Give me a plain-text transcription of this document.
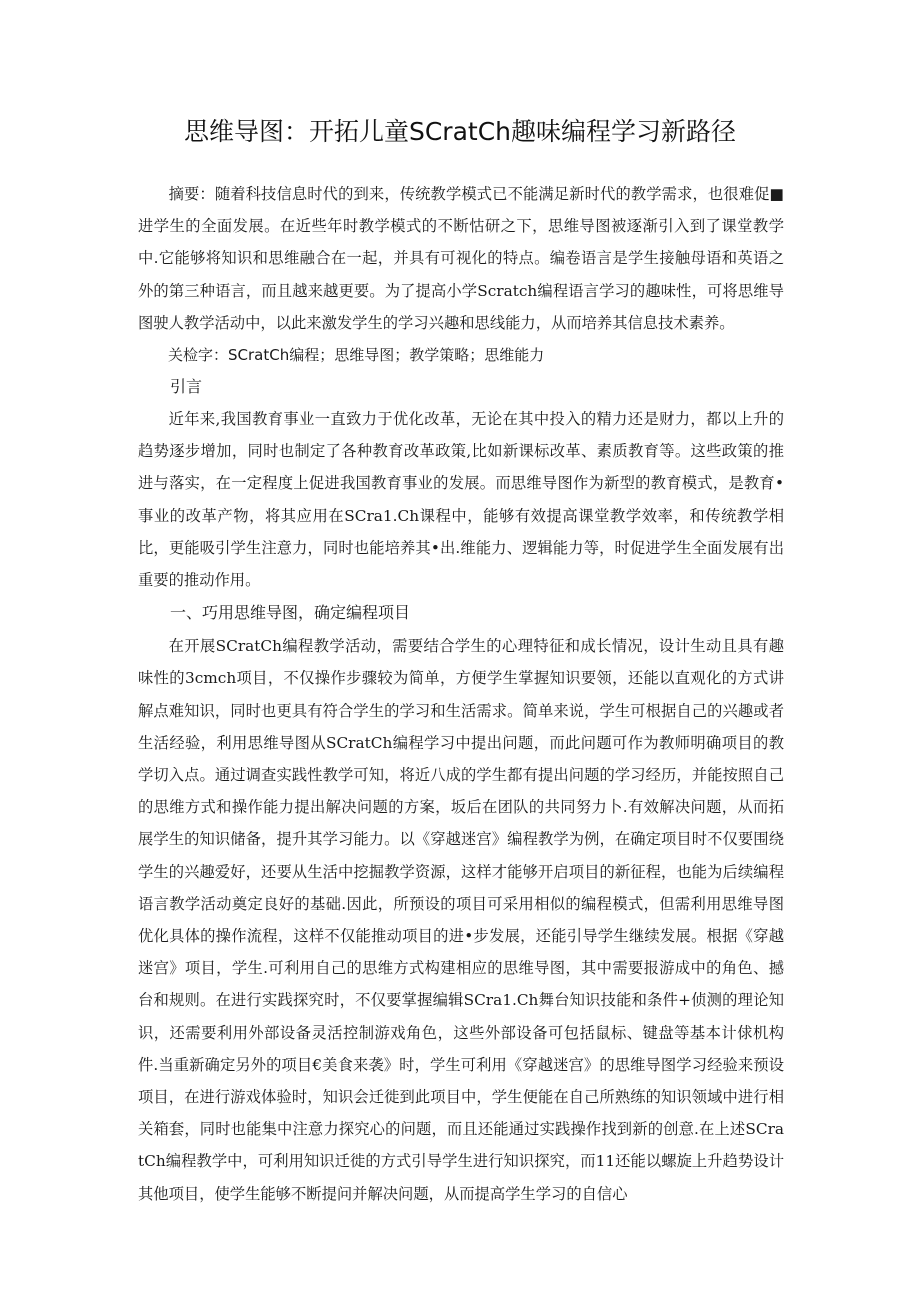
思维导图：开拓儿童SCratCh趣味编程学习新路径

摘要：随着科技信息时代的到来，传统教学模式已不能满足新时代的教学需求，也很难促■进学生的全面发展。在近些年时教学模式的不断怙研之下，思维导图被逐渐引入到了课堂教学中.它能够将知识和思维融合在一起，并具有可视化的特点。编卷语言是学生接触母语和英语之外的第三种语言，而且越来越更要。为了提高小学Scratch编程语言学习的趣味性，可将思维导图驶人教学活动中，以此来激发学生的学习兴趣和思线能力，从而培养其信息技术素养。

关检字：SCratCh编程；思维导图；教学策略；思维能力

引言

近年来,我国教育事业一直致力于优化改革，无论在其中投入的精力还是财力，都以上升的趋势逐步增加，同时也制定了各种教育改革政策,比如新课标改革、素质教育等。这些政策的推进与落实，在一定程度上促进我国教育事业的发展。而思维导图作为新型的教育模式，是教育•事业的改革产物，将其应用在SCra1.Ch课程中，能够有效提高课堂教学效率，和传统教学相比，更能吸引学生注意力，同时也能培养其•出.维能力、逻辑能力等，时促进学生全面发展有岀重要的推动作用。

一、巧用思维导图，确定编程项目

在开展SCratCh编程教学活动，需要结合学生的心理特征和成长情况，设计生动且具有趣味性的3cmch项目，不仅操作步骤较为简单，方便学生掌握知识要领，还能以直观化的方式讲解点难知识，同时也更具有符合学生的学习和生活需求。简单来说，学生可根据自己的兴趣或者生活经验，利用思维导图从SCratCh编程学习中提出问题，而此问题可作为教师明确项目的教学切入点。通过调查实践性教学可知，将近八成的学生都有提出问题的学习经历，并能按照自己的思维方式和操作能力提出解决问题的方案，坂后在团队的共同努力卜.有效解决问题，从而拓展学生的知识储备，提升其学习能力。以《穿越迷宫》编程教学为例，在确定项目时不仅要围绕学生的兴趣爱好，还要从生活中挖掘教学资源，这样才能够开启项目的新征程，也能为后续编程语言教学活动奠定良好的基础.因此，所预设的项目可采用相似的编程模式，但需利用思维导图优化具体的操作流程，这样不仅能推动项目的进•步发展，还能引导学生继续发展。根据《穿越迷宫》项目，学生.可利用自己的思维方式构建相应的思维导图，其中需要报游成中的角色、撼台和规则。在进行实践探究时，不仅要掌握编辑SCra1.Ch舞台知识技能和条件+侦测的理论知识，还需要利用外部设备灵活控制游戏角色，这些外部设备可包括鼠标、键盘等基本计俅机构件.当重新确定另外的项目€美食来袭》时，学生可利用《穿越迷宫》的思维导图学习经验来预设项目，在进行游戏体验时，知识会迁徙到此项目中，学生便能在自己所熟练的知识领域中进行相关箱套，同时也能集中注意力探究心的问题，而且还能通过实践操作找到新的创意.在上述SCratCh编程教学中，可利用知识迁徙的方式引导学生进行知识探究，而11还能以螺旋上升趋势设计其他项目，使学生能够不断提问并解决问题，从而提高学生学习的自信心
